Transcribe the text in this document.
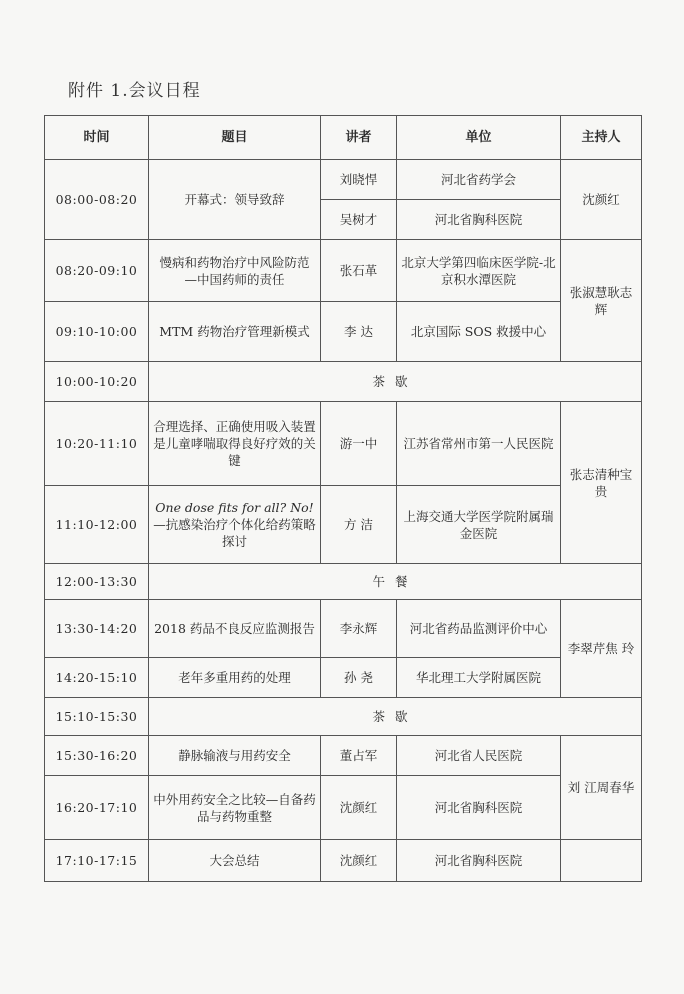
附件 1.会议日程
时间	题目	讲者	单位	主持人
08:00-08:20	开幕式：领导致辞	刘晓悍	河北省药学会	沈颜红
		吴树才	河北省胸科医院	
08:20-09:10	慢病和药物治疗中风险防范 —中国药师的责任	张石革	北京大学第四临床医学院-北京积水潭医院	张淑慧耿志辉
09:10-10:00	MTM 药物治疗管理新模式	李 达	北京国际 SOS 救援中心	
10:00-10:20	茶歇			
10:20-11:10	合理选择、正确使用吸入装置是儿童哮喘取得良好疗效的关键	游一中	江苏省常州市第一人民医院	张志清种宝贵
11:10-12:00	One dose fits for all? No!—抗感染治疗个体化给药策略探讨	方 洁	上海交通大学医学院附属瑞金医院	
12:00-13:30	午餐			
13:30-14:20	2018 药品不良反应监测报告	李永辉	河北省药品监测评价中心	李翠芹焦 玲
14:20-15:10	老年多重用药的处理	孙 尧	华北理工大学附属医院	
15:10-15:30	茶歇			
15:30-16:20	静脉输液与用药安全	董占军	河北省人民医院	刘 江周春华
16:20-17:10	中外用药安全之比较—自备药品与药物重整	沈颜红	河北省胸科医院	
17:10-17:15	大会总结	沈颜红	河北省胸科医院	
